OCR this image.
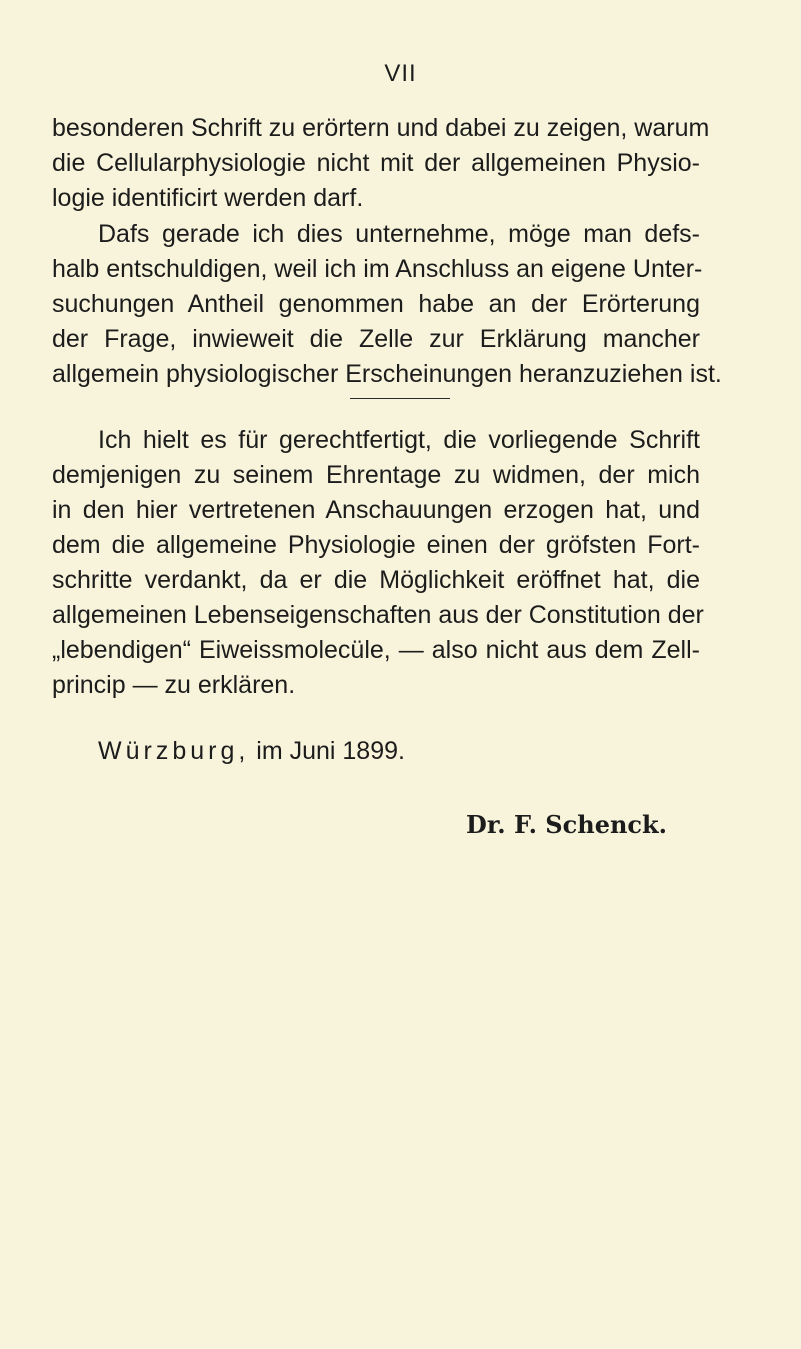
VII
besonderen Schrift zu erörtern und dabei zu zeigen, warum
die Cellularphysiologie nicht mit der allgemeinen Physio-
logie identificirt werden darf.
Dafs gerade ich dies unternehme, möge man defs-
halb entschuldigen, weil ich im Anschluss an eigene Unter-
suchungen Antheil genommen habe an der Erörterung
der Frage, inwieweit die Zelle zur Erklärung mancher
allgemein physiologischer Erscheinungen heranzuziehen ist.
Ich hielt es für gerechtfertigt, die vorliegende Schrift
demjenigen zu seinem Ehrentage zu widmen, der mich
in den hier vertretenen Anschauungen erzogen hat, und
dem die allgemeine Physiologie einen der gröfsten Fort-
schritte verdankt, da er die Möglichkeit eröffnet hat, die
allgemeinen Lebenseigenschaften aus der Constitution der
„lebendigen“ Eiweissmolecüle, — also nicht aus dem Zell-
princip — zu erklären.
Würzburg, im Juni 1899.
Dr. F. Schenck.
